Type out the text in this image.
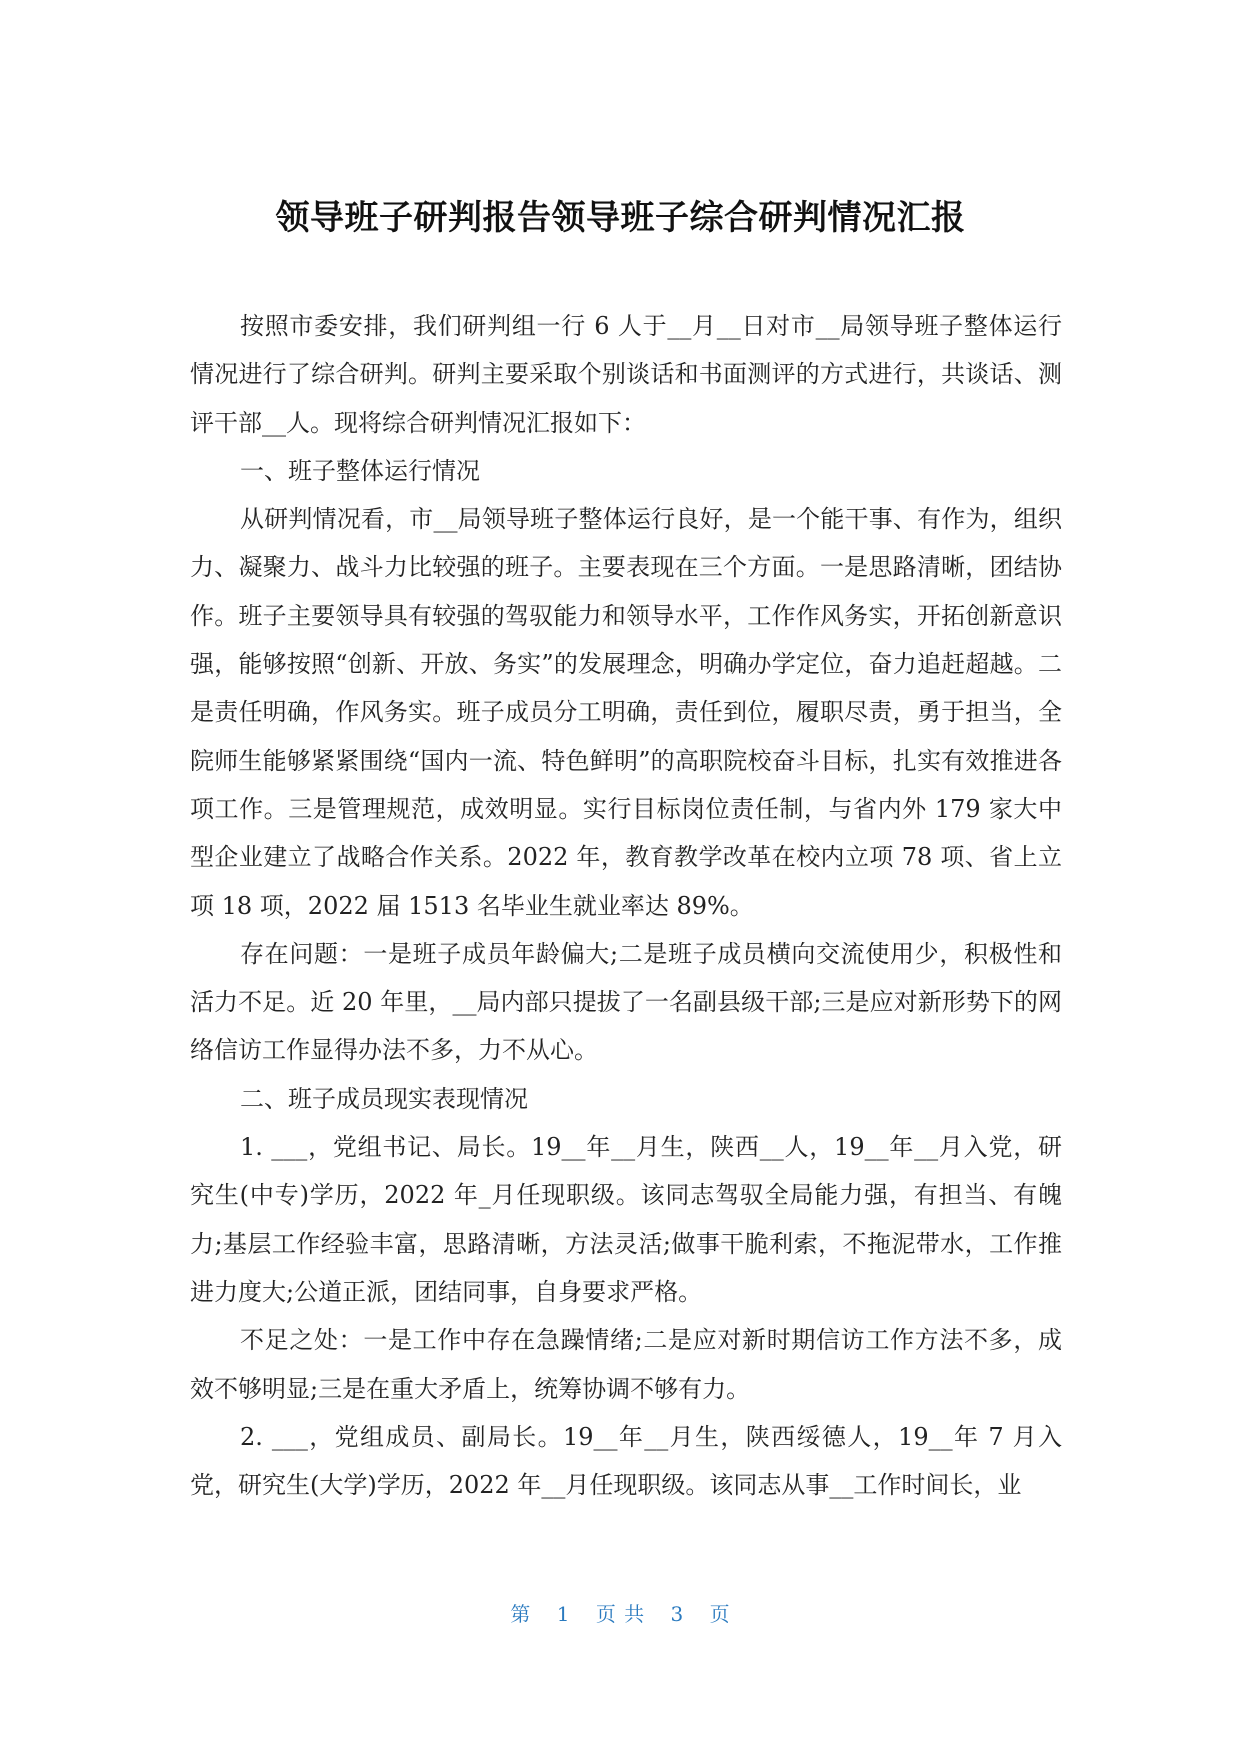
领导班子研判报告领导班子综合研判情况汇报

按照市委安排，我们研判组一行 6 人于__月__日对市__局领导班子整体运行情况进行了综合研判。研判主要采取个别谈话和书面测评的方式进行，共谈话、测评干部__人。现将综合研判情况汇报如下：

一、班子整体运行情况

从研判情况看，市__局领导班子整体运行良好，是一个能干事、有作为，组织力、凝聚力、战斗力比较强的班子。主要表现在三个方面。一是思路清晰，团结协作。班子主要领导具有较强的驾驭能力和领导水平，工作作风务实，开拓创新意识强，能够按照“创新、开放、务实”的发展理念，明确办学定位，奋力追赶超越。二是责任明确，作风务实。班子成员分工明确，责任到位，履职尽责，勇于担当，全院师生能够紧紧围绕“国内一流、特色鲜明”的高职院校奋斗目标，扎实有效推进各项工作。三是管理规范，成效明显。实行目标岗位责任制，与省内外 179 家大中型企业建立了战略合作关系。2022 年，教育教学改革在校内立项 78 项、省上立项 18 项，2022 届 1513 名毕业生就业率达 89%。

存在问题：一是班子成员年龄偏大;二是班子成员横向交流使用少，积极性和活力不足。近 20 年里，__局内部只提拔了一名副县级干部;三是应对新形势下的网络信访工作显得办法不多，力不从心。

二、班子成员现实表现情况

1. ___，党组书记、局长。19__年__月生，陕西__人，19__年__月入党，研究生(中专)学历，2022 年_月任现职级。该同志驾驭全局能力强，有担当、有魄力;基层工作经验丰富，思路清晰，方法灵活;做事干脆利索，不拖泥带水，工作推进力度大;公道正派，团结同事，自身要求严格。

不足之处：一是工作中存在急躁情绪;二是应对新时期信访工作方法不多，成效不够明显;三是在重大矛盾上，统筹协调不够有力。

2. ___，党组成员、副局长。19__年__月生，陕西绥德人，19__年 7 月入党，研究生(大学)学历，2022 年__月任现职级。该同志从事__工作时间长，业

第 1 页 共 3 页
